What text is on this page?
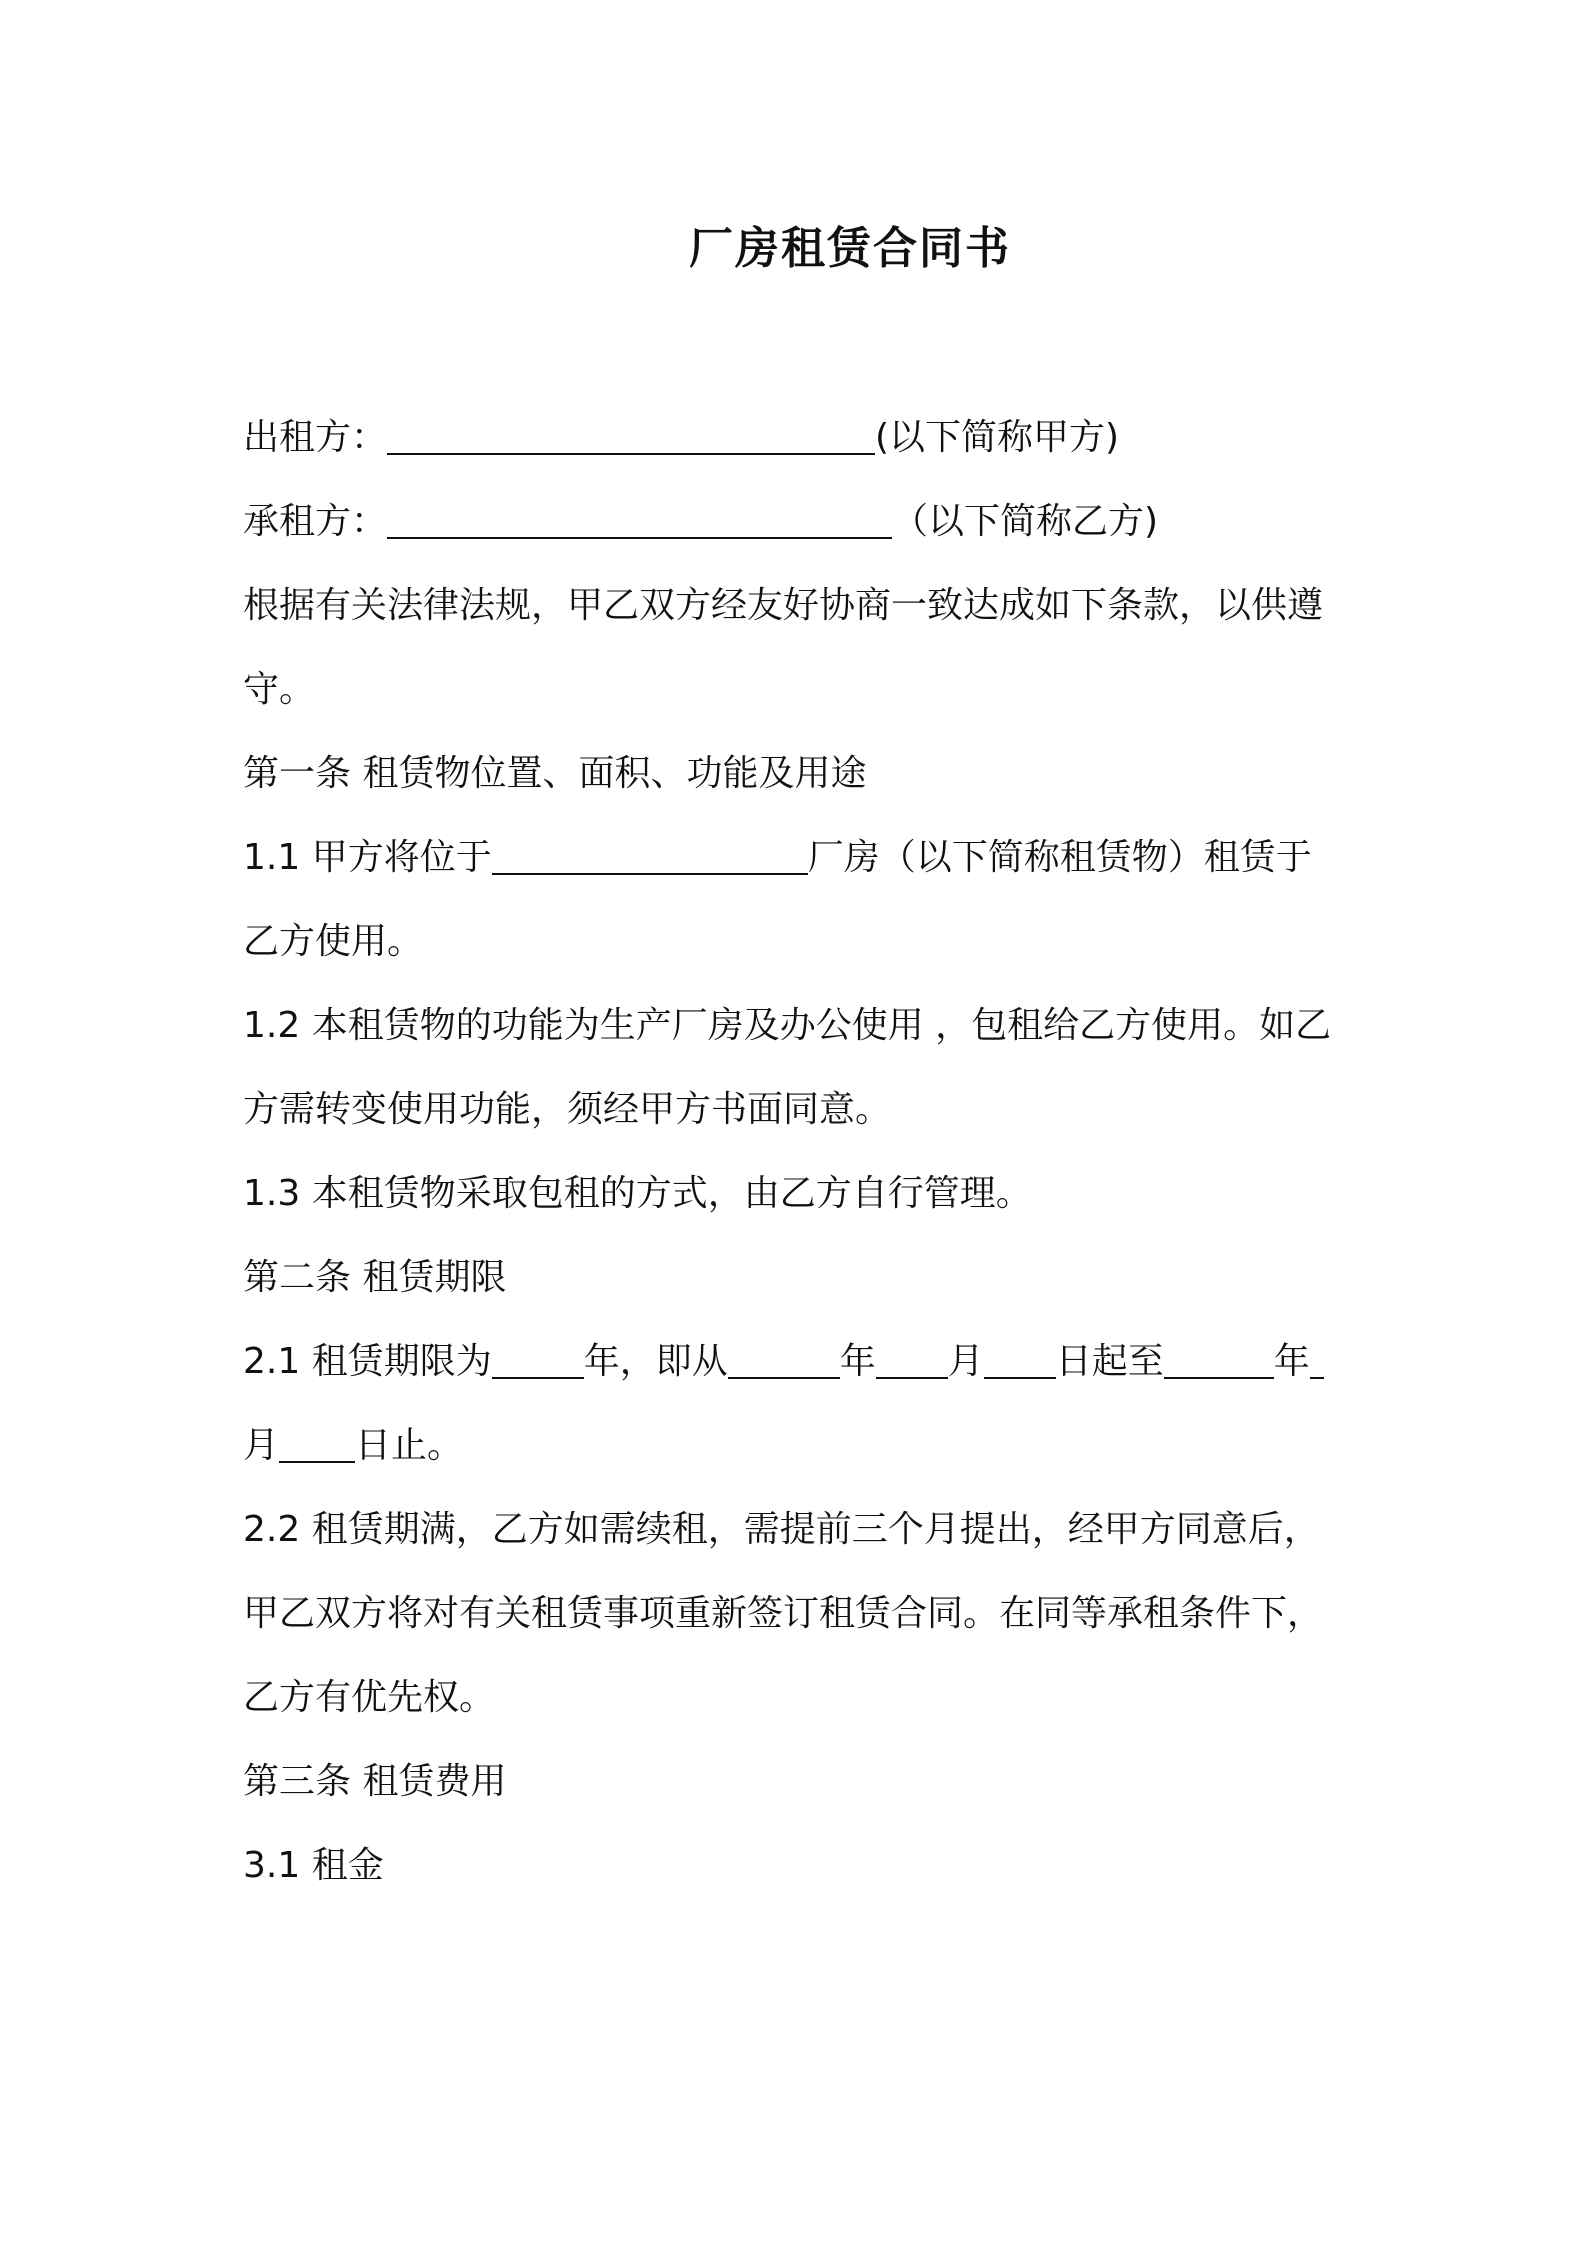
厂房租赁合同书
出租方：	(以下简称甲方)
承租方：	（以下简称乙方)
根据有关法律法规，甲乙双方经友好协商一致达成如下条款，以供遵
守。
第一条 租赁物位置、面积、功能及用途
1.1 甲方将位于	厂房（以下简称租赁物）租赁于
乙方使用。
1.2 本租赁物的功能为生产厂房及办公使用 ，包租给乙方使用。如乙
方需转变使用功能，须经甲方书面同意。
1.3 本租赁物采取包租的方式，由乙方自行管理。
第二条 租赁期限
2.1 租赁期限为	年，即从	年 月 日起至	年
月 日止。
2.2 租赁期满，乙方如需续租，需提前三个月提出，经甲方同意后，
甲乙双方将对有关租赁事项重新签订租赁合同。在同等承租条件下，
乙方有优先权。
第三条 租赁费用
3.1 租金
